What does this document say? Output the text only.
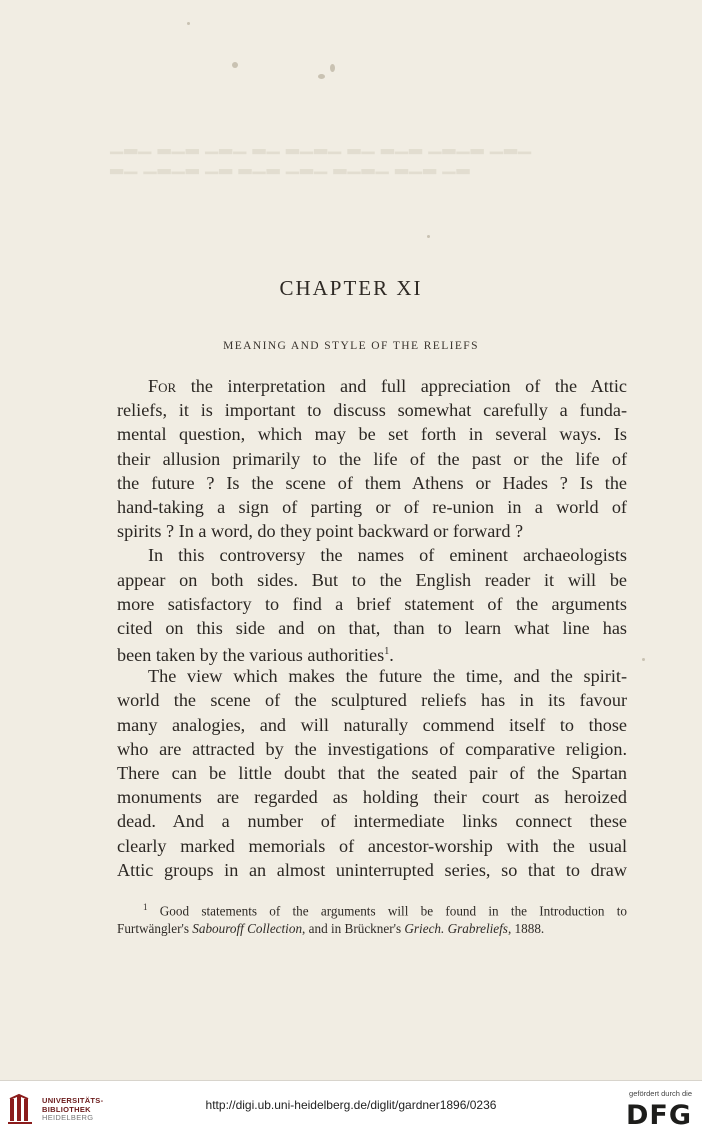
▁▂▁ ▂▁▂ ▁▂▁ ▂▁ ▂▁▂▁ ▂▁ ▂▁▂ ▁▂▁▂ ▁▂▁
▂▁ ▁▂▁▂ ▁▂ ▂▁▂ ▁▂▁ ▂▁▂▁ ▂▁▂ ▁▂
CHAPTER XI
MEANING AND STYLE OF THE RELIEFS
For the interpretation and full appreciation of the Attic
reliefs, it is important to discuss somewhat carefully a funda-
mental question, which may be set forth in several ways. Is
their allusion primarily to the life of the past or the life of
the future ? Is the scene of them Athens or Hades ? Is the
hand-taking a sign of parting or of re-union in a world of
spirits ? In a word, do they point backward or forward ?
In this controversy the names of eminent archaeologists
appear on both sides. But to the English reader it will be
more satisfactory to find a brief statement of the arguments
cited on this side and on that, than to learn what line has
been taken by the various authorities$^1$.
The view which makes the future the time, and the spirit-
world the scene of the sculptured reliefs has in its favour
many analogies, and will naturally commend itself to those
who are attracted by the investigations of comparative religion.
There can be little doubt that the seated pair of the Spartan
monuments are regarded as holding their court as heroized
dead. And a number of intermediate links connect these
clearly marked memorials of ancestor-worship with the usual
Attic groups in an almost uninterrupted series, so that to draw
$^1$ Good statements of the arguments will be found in the Introduction to
Furtwängler's Sabouroff Collection, and in Brückner's Griech. Grabreliefs, 1888.
UNIVERSITÄTS-
BIBLIOTHEK
HEIDELBERG
http://digi.ub.uni-heidelberg.de/diglit/gardner1896/0236
gefördert durch die
DFG
